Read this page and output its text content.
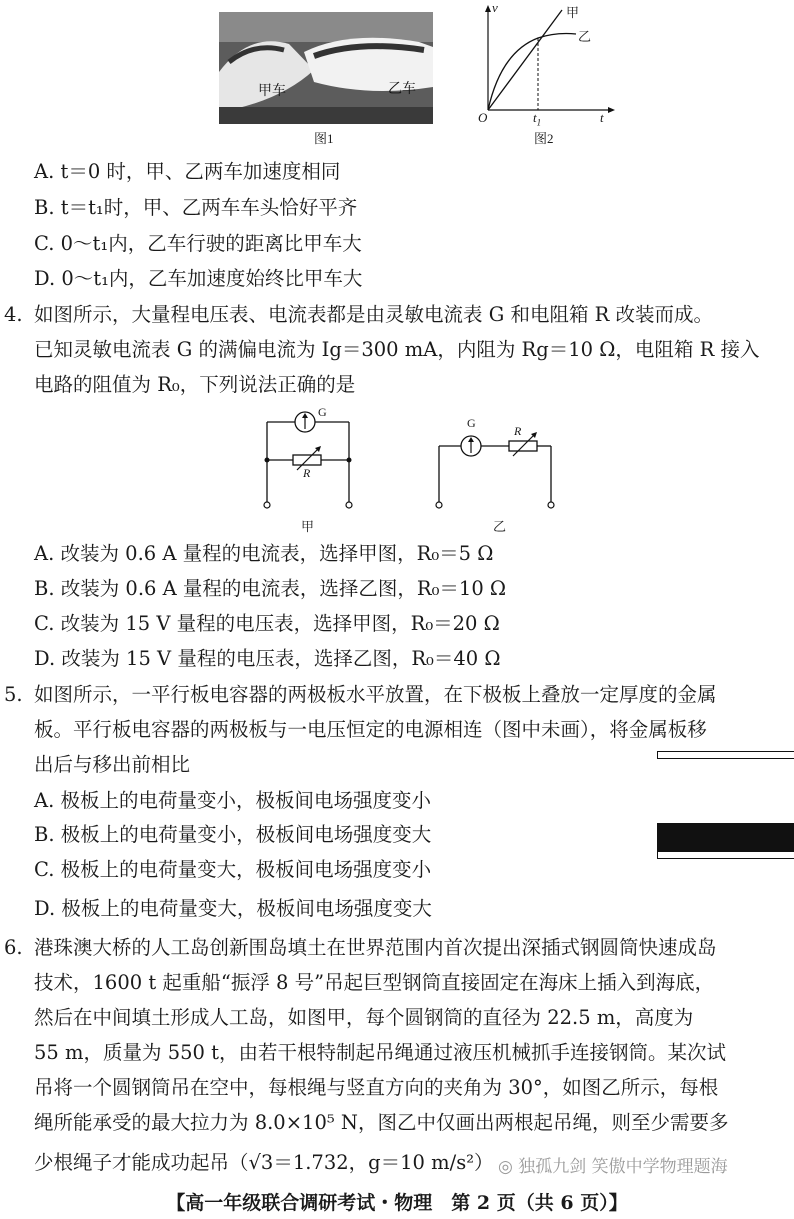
甲车	乙车
图1
v	甲
乙
O	$t_1$	t
图2
A. t＝0 时，甲、乙两车加速度相同
B. t＝t₁时，甲、乙两车车头恰好平齐
C. 0～t₁内，乙车行驶的距离比甲车大
D. 0～t₁内，乙车加速度始终比甲车大
4. 如图所示，大量程电压表、电流表都是由灵敏电流表 G 和电阻箱 R 改装而成。
已知灵敏电流表 G 的满偏电流为 Ig＝300 mA，内阻为 Rg＝10 Ω，电阻箱 R 接入
电路的阻值为 R₀，下列说法正确的是
G
R
G
R
甲	乙
A. 改装为 0.6 A 量程的电流表，选择甲图，R₀＝5 Ω
B. 改装为 0.6 A 量程的电流表，选择乙图，R₀＝10 Ω
C. 改装为 15 V 量程的电压表，选择甲图，R₀＝20 Ω
D. 改装为 15 V 量程的电压表，选择乙图，R₀＝40 Ω
5. 如图所示，一平行板电容器的两极板水平放置，在下极板上叠放一定厚度的金属
板。平行板电容器的两极板与一电压恒定的电源相连（图中未画），将金属板移
出后与移出前相比
A. 极板上的电荷量变小，极板间电场强度变小
B. 极板上的电荷量变小，极板间电场强度变大
C. 极板上的电荷量变大，极板间电场强度变小
D. 极板上的电荷量变大，极板间电场强度变大
6. 港珠澳大桥的人工岛创新围岛填土在世界范围内首次提出深插式钢圆筒快速成岛
技术，1600 t 起重船“振浮 8 号”吊起巨型钢筒直接固定在海床上插入到海底，
然后在中间填土形成人工岛，如图甲，每个圆钢筒的直径为 22.5 m，高度为
55 m，质量为 550 t，由若干根特制起吊绳通过液压机械抓手连接钢筒。某次试
吊将一个圆钢筒吊在空中，每根绳与竖直方向的夹角为 30°，如图乙所示，每根
绳所能承受的最大拉力为 8.0×10⁵ N，图乙中仅画出两根起吊绳，则至少需要多
少根绳子才能成功起吊（√3＝1.732，g＝10 m/s²） ◎ 独孤九剑 笑傲中学物理题海
【高一年级联合调研考试・物理　第 2 页（共 6 页）】
